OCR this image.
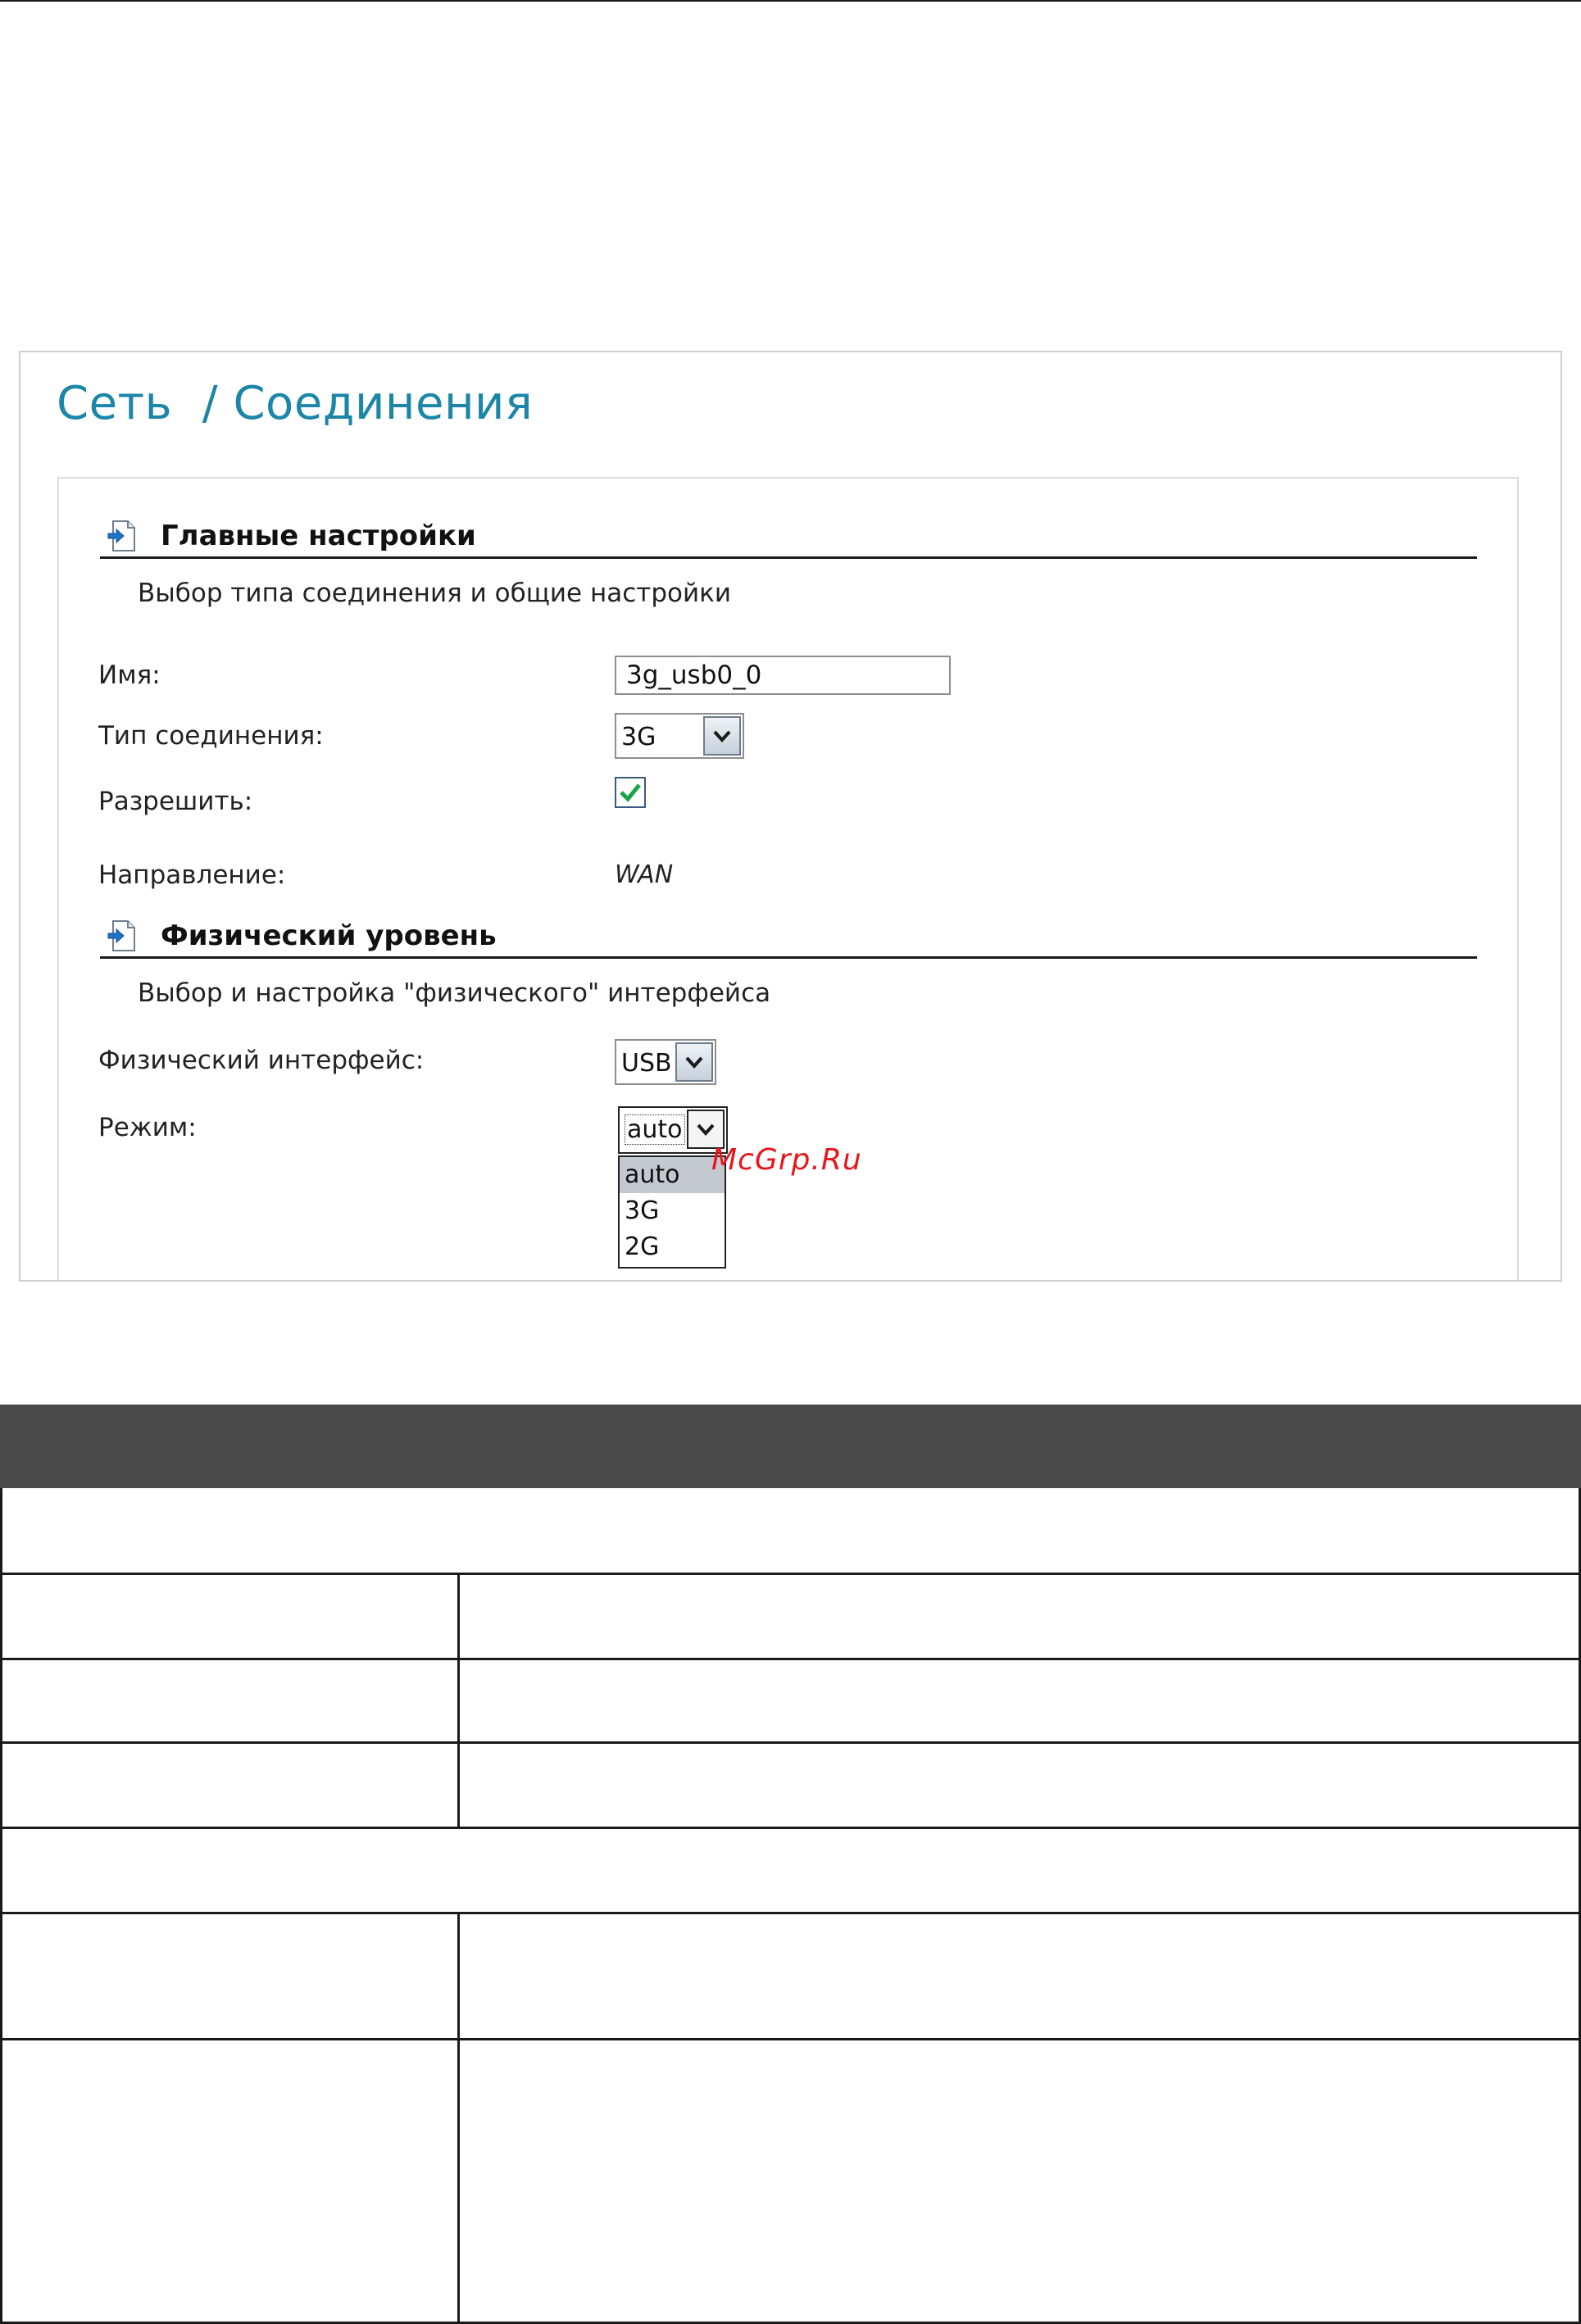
Сеть  / Соединения
Главные настройки
Выбор типа соединения и общие настройки
Имя:
3g_usb0_0
Тип соединения:	3G
Разрешить:
Направление:	WAN
Физический уровень
Выбор и настройка "физического" интерфейса
Физический интерфейс:	USB
Режим:	auto
auto
3G
2G
McGrp.Ru
